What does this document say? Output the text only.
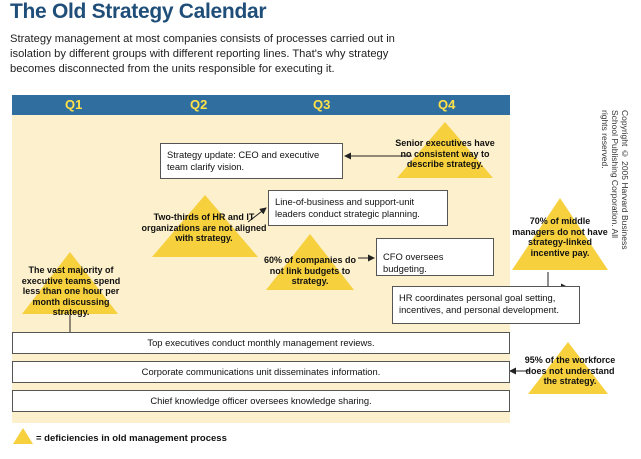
The Old Strategy Calendar
Strategy management at most companies consists of processes carried out in isolation by different groups with different reporting lines. That's why strategy becomes disconnected from the units responsible for executing it.
Q1	Q2	Q3	Q4
Strategy update: CEO and executive team clarify vision.
Line-of-business and support-unit leaders conduct strategic planning.
CFO oversees budgeting.
HR coordinates personal goal setting, incentives, and personal development.
Top executives conduct monthly management reviews.
Corporate communications unit disseminates information.
Chief knowledge officer oversees knowledge sharing.
Senior executives have no consistent way to describe strategy.
Two-thirds of HR and IT organizations are not aligned with strategy.
60% of companies do not link budgets to strategy.
70% of middle managers do not have strategy-linked incentive pay.
The vast majority of executive teams spend less than one hour per month discussing strategy.
95% of the workforce does not understand the strategy.
Copyright © 2005 Harvard Business School Publishing Corporation. All rights reserved.
= deficiencies in old management process
